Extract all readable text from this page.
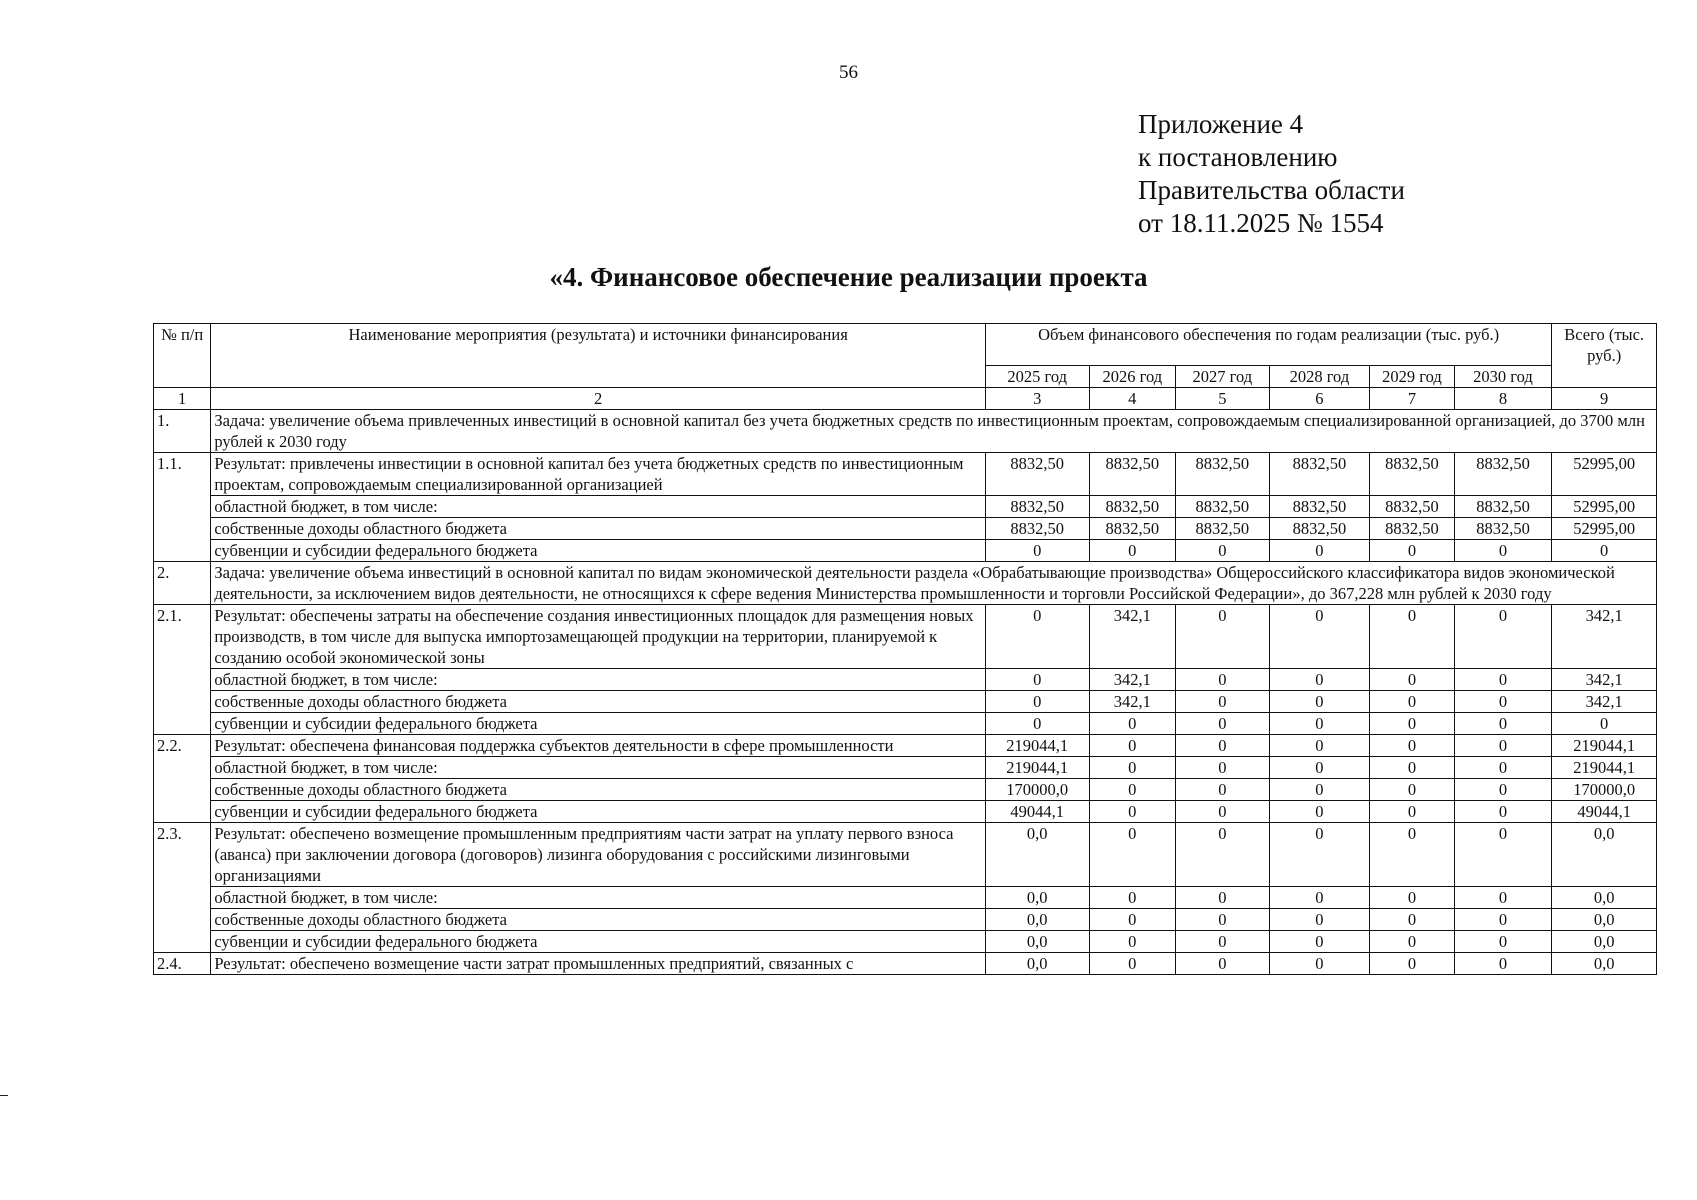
56
Приложение 4
к постановлению
Правительства области
от 18.11.2025 № 1554
«4. Финансовое обеспечение реализации проекта
№ п/п	Наименование мероприятия (результата) и источники финансирования	Объем финансового обеспечения по годам реализации (тыс. руб.)						Всего (тыс. руб.)
		2025 год	2026 год	2027 год	2028 год	2029 год	2030 год	
1	2	3	4	5	6	7	8	9
1.	Задача: увеличение объема привлеченных инвестиций в основной капитал без учета бюджетных средств по инвестиционным проектам, сопровождаемым специализированной организацией, до 3700 млн рублей к 2030 году							
1.1.	Результат: привлечены инвестиции в основной капитал без учета бюджетных средств по инвестиционным проектам, сопровождаемым специализированной организацией	8832,50	8832,50	8832,50	8832,50	8832,50	8832,50	52995,00
	областной бюджет, в том числе:	8832,50	8832,50	8832,50	8832,50	8832,50	8832,50	52995,00
	собственные доходы областного бюджета	8832,50	8832,50	8832,50	8832,50	8832,50	8832,50	52995,00
	субвенции и субсидии федерального бюджета	0	0	0	0	0	0	0
2.	Задача: увеличение объема инвестиций в основной капитал по видам экономической деятельности раздела «Обрабатывающие производства» Общероссийского классификатора видов экономической деятельности, за исключением видов деятельности, не относящихся к сфере ведения Министерства промышленности и торговли Российской Федерации», до 367,228 млн рублей к 2030 году							
2.1.	Результат: обеспечены затраты на обеспечение создания инвестиционных площадок для размещения новых производств, в том числе для выпуска импортозамещающей продукции на территории, планируемой к созданию особой экономической зоны	0	342,1	0	0	0	0	342,1
	областной бюджет, в том числе:	0	342,1	0	0	0	0	342,1
	собственные доходы областного бюджета	0	342,1	0	0	0	0	342,1
	субвенции и субсидии федерального бюджета	0	0	0	0	0	0	0
2.2.	Результат: обеспечена финансовая поддержка субъектов деятельности в сфере промышленности	219044,1	0	0	0	0	0	219044,1
	областной бюджет, в том числе:	219044,1	0	0	0	0	0	219044,1
	собственные доходы областного бюджета	170000,0	0	0	0	0	0	170000,0
	субвенции и субсидии федерального бюджета	49044,1	0	0	0	0	0	49044,1
2.3.	Результат: обеспечено возмещение промышленным предприятиям части затрат на уплату первого взноса (аванса) при заключении договора (договоров) лизинга оборудования с российскими лизинговыми организациями	0,0	0	0	0	0	0	0,0
	областной бюджет, в том числе:	0,0	0	0	0	0	0	0,0
	собственные доходы областного бюджета	0,0	0	0	0	0	0	0,0
	субвенции и субсидии федерального бюджета	0,0	0	0	0	0	0	0,0
2.4.	Результат: обеспечено возмещение части затрат промышленных предприятий, связанных с	0,0	0	0	0	0	0	0,0
